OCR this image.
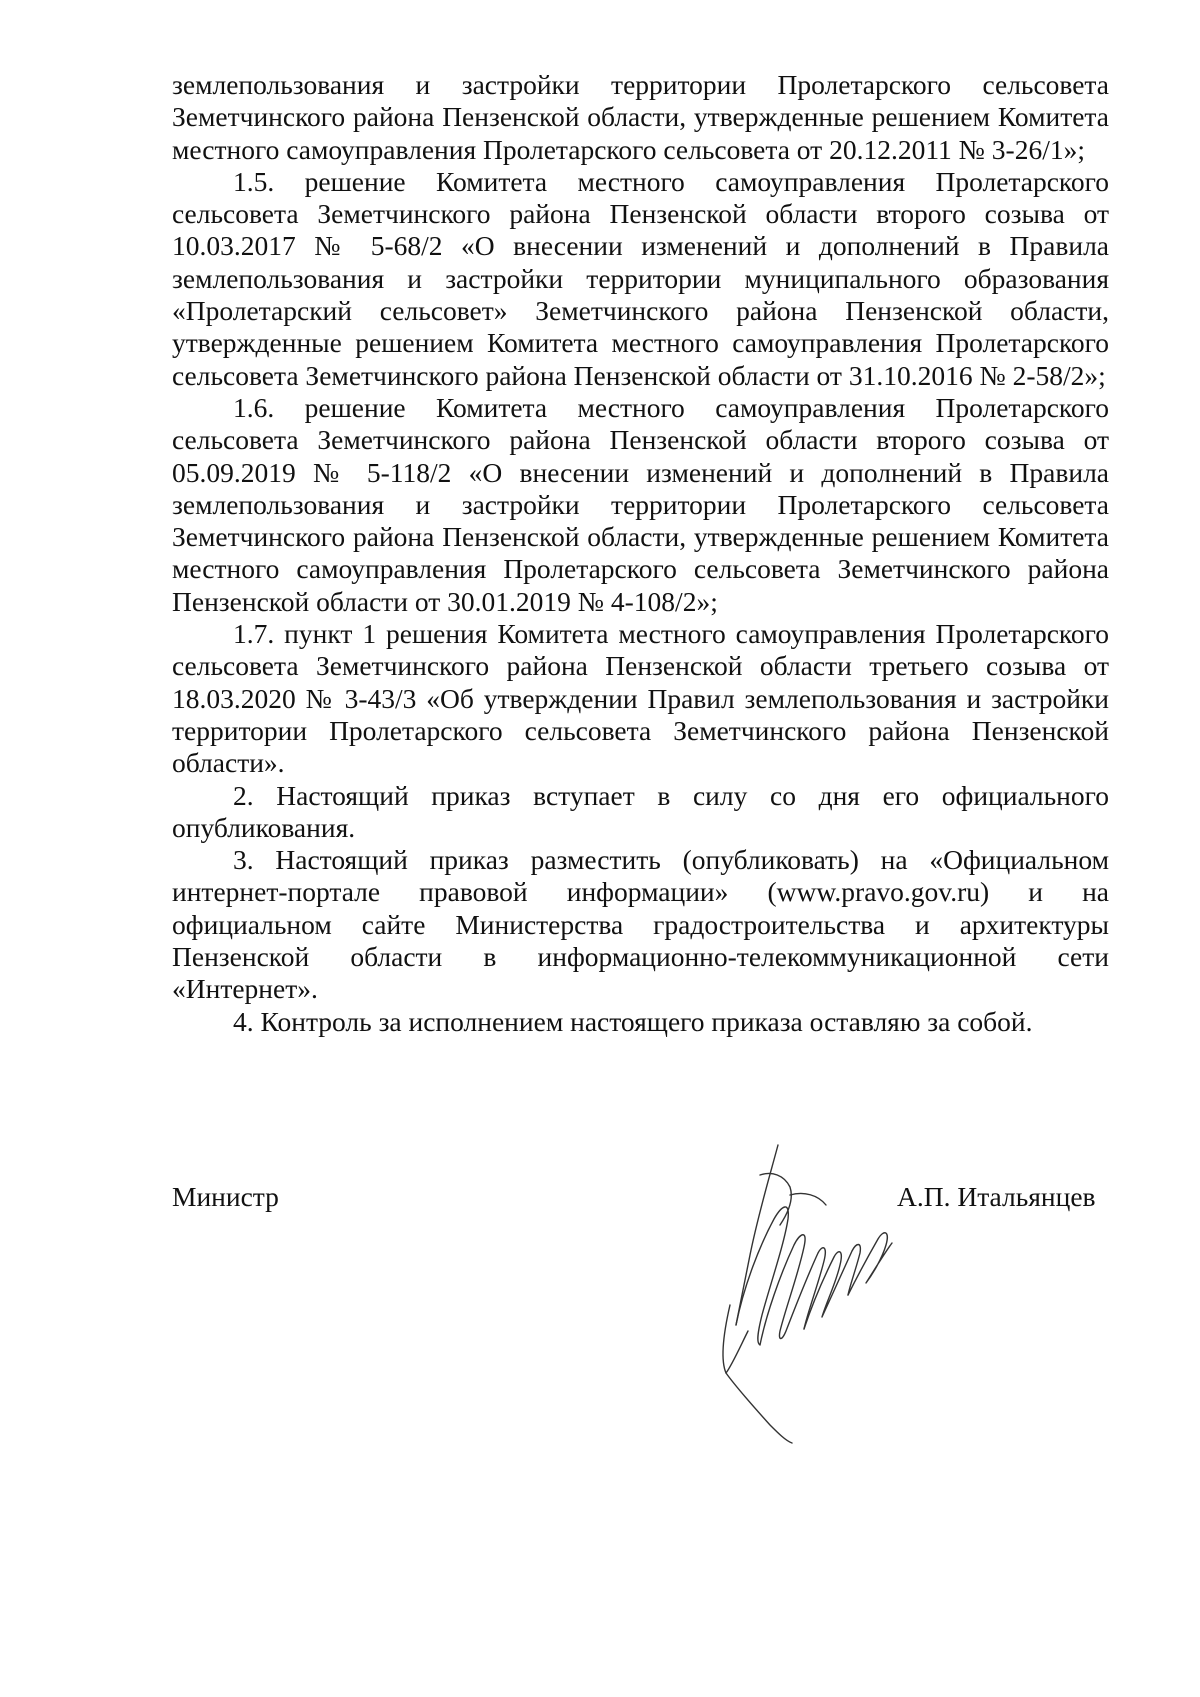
землепользования и застройки территории Пролетарского сельсовета Земетчинского района Пензенской области, утвержденные решением Комитета местного самоуправления Пролетарского сельсовета от 20.12.2011 № 3-26/1»;

1.5. решение Комитета местного самоуправления Пролетарского сельсовета Земетчинского района Пензенской области второго созыва от 10.03.2017 № 5-68/2 «О внесении изменений и дополнений в Правила землепользования и застройки территории муниципального образования «Пролетарский сельсовет» Земетчинского района Пензенской области, утвержденные решением Комитета местного самоуправления Пролетарского сельсовета Земетчинского района Пензенской области от 31.10.2016 № 2-58/2»;

1.6. решение Комитета местного самоуправления Пролетарского сельсовета Земетчинского района Пензенской области второго созыва от 05.09.2019 № 5-118/2 «О внесении изменений и дополнений в Правила землепользования и застройки территории Пролетарского сельсовета Земетчинского района Пензенской области, утвержденные решением Комитета местного самоуправления Пролетарского сельсовета Земетчинского района Пензенской области от 30.01.2019 № 4-108/2»;

1.7. пункт 1 решения Комитета местного самоуправления Пролетарского сельсовета Земетчинского района Пензенской области третьего созыва от 18.03.2020 № 3-43/3 «Об утверждении Правил землепользования и застройки территории Пролетарского сельсовета Земетчинского района Пензенской области».

2. Настоящий приказ вступает в силу со дня его официального опубликования.

3. Настоящий приказ разместить (опубликовать) на «Официальном интернет-портале правовой информации» (www.pravo.gov.ru) и на официальном сайте Министерства градостроительства и архитектуры Пензенской области в информационно-телекоммуникационной сети «Интернет».

4. Контроль за исполнением настоящего приказа оставляю за собой.

Министр	А.П. Итальянцев
